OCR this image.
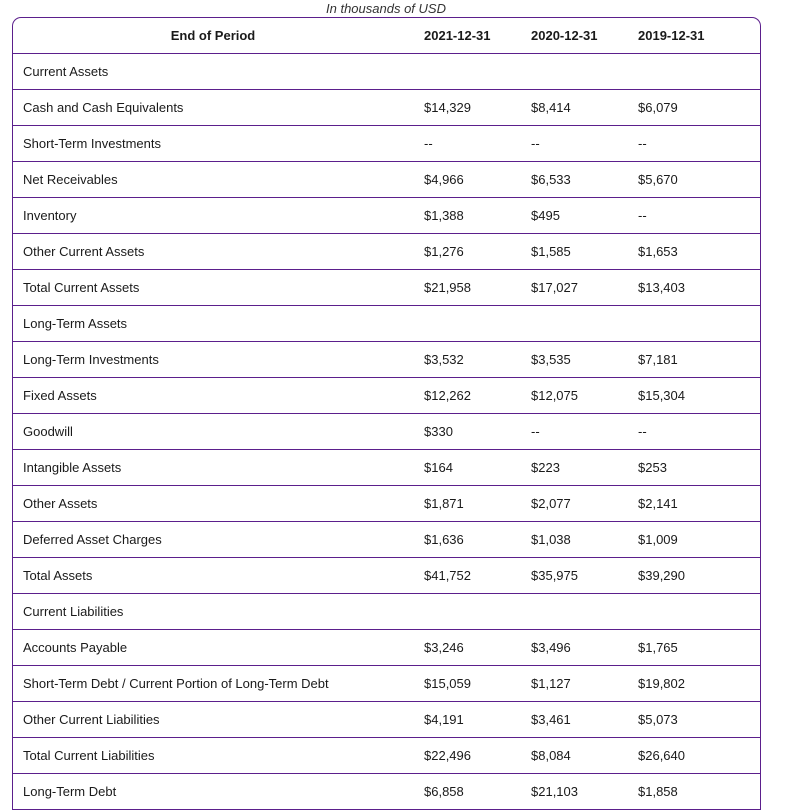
In thousands of USD
End of Period	2021-12-31	2020-12-31	2019-12-31
Current Assets			
Cash and Cash Equivalents	$14,329	$8,414	$6,079
Short-Term Investments	--	--	--
Net Receivables	$4,966	$6,533	$5,670
Inventory	$1,388	$495	--
Other Current Assets	$1,276	$1,585	$1,653
Total Current Assets	$21,958	$17,027	$13,403
Long-Term Assets			
Long-Term Investments	$3,532	$3,535	$7,181
Fixed Assets	$12,262	$12,075	$15,304
Goodwill	$330	--	--
Intangible Assets	$164	$223	$253
Other Assets	$1,871	$2,077	$2,141
Deferred Asset Charges	$1,636	$1,038	$1,009
Total Assets	$41,752	$35,975	$39,290
Current Liabilities			
Accounts Payable	$3,246	$3,496	$1,765
Short-Term Debt / Current Portion of Long-Term Debt	$15,059	$1,127	$19,802
Other Current Liabilities	$4,191	$3,461	$5,073
Total Current Liabilities	$22,496	$8,084	$26,640
Long-Term Debt	$6,858	$21,103	$1,858
